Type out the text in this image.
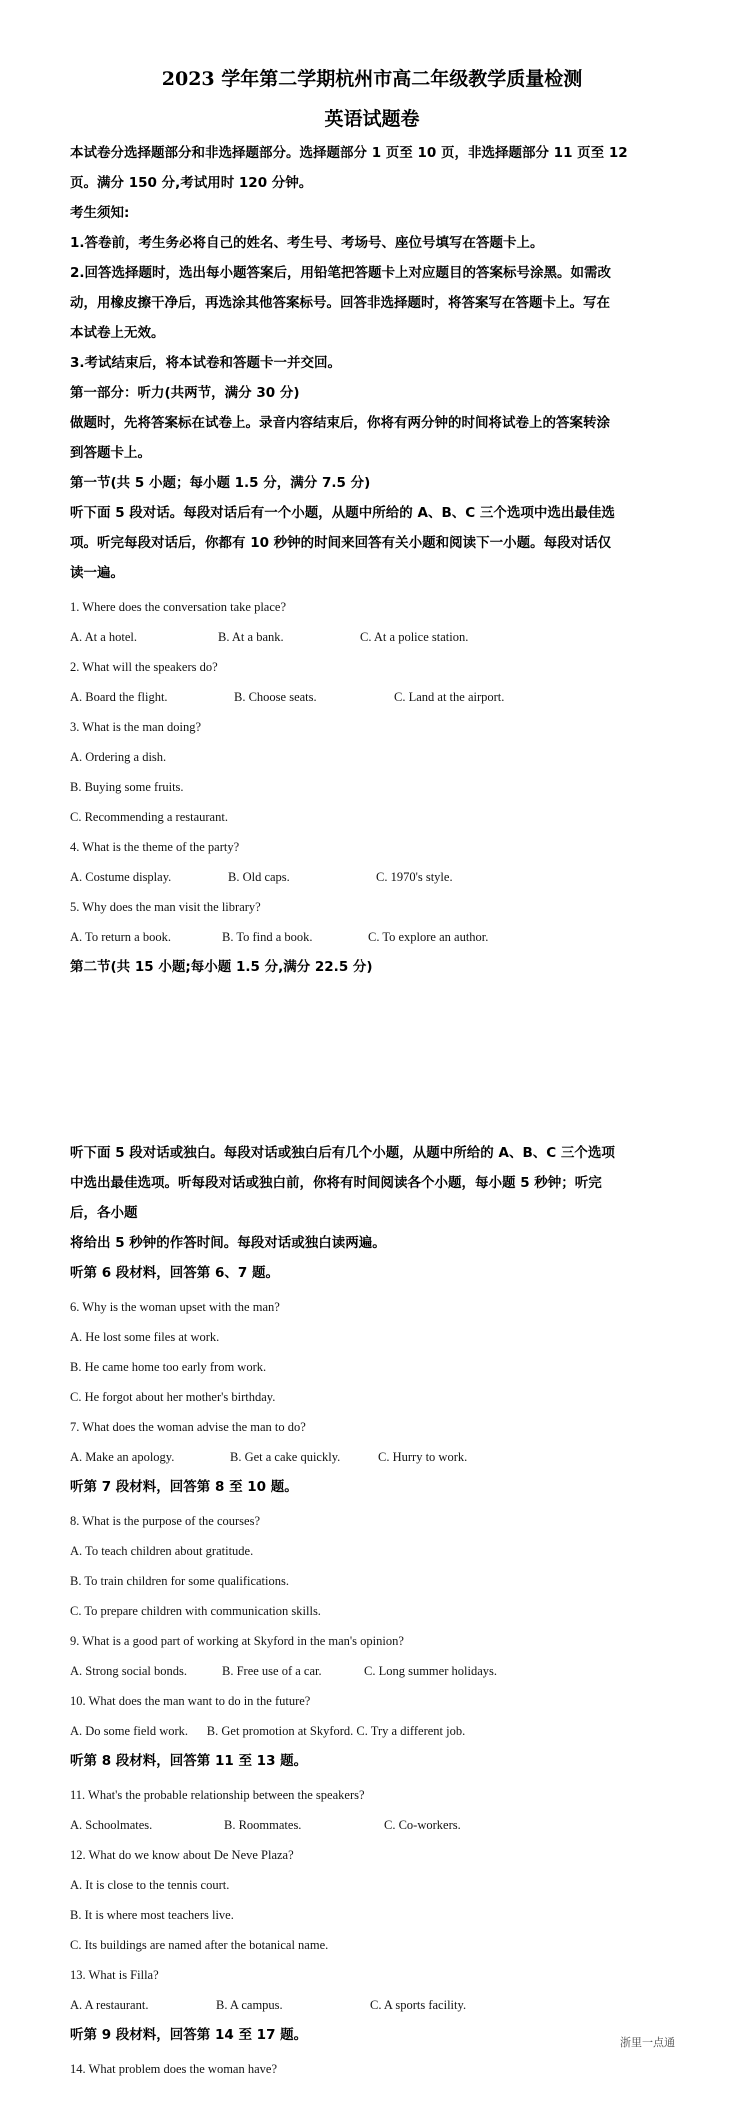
2023 学年第二学期杭州市高二年级教学质量检测
英语试题卷
本试卷分选择题部分和非选择题部分。选择题部分 1 页至 10 页，非选择题部分 11 页至 12
页。满分 150 分,考试用时 120 分钟。
考生须知:
1.答卷前，考生务必将自己的姓名、考生号、考场号、座位号填写在答题卡上。
2.回答选择题时，选出每小题答案后，用铅笔把答题卡上对应题目的答案标号涂黑。如需改
动，用橡皮擦干净后，再选涂其他答案标号。回答非选择题时，将答案写在答题卡上。写在
本试卷上无效。
3.考试结束后，将本试卷和答题卡一并交回。
第一部分：听力(共两节，满分 30 分)
做题时，先将答案标在试卷上。录音内容结束后，你将有两分钟的时间将试卷上的答案转涂
到答题卡上。
第一节(共 5 小题；每小题 1.5 分，满分 7.5 分)
听下面 5 段对话。每段对话后有一个小题，从题中所给的 A、B、C 三个选项中选出最佳选
项。听完每段对话后，你都有 10 秒钟的时间来回答有关小题和阅读下一小题。每段对话仅
读一遍。
1. Where does the conversation take place?
A. At a hotel.	B. At a bank.	C. At a police station.
2. What will the speakers do?
A. Board the flight.	B. Choose seats.	C. Land at the airport.
3. What is the man doing?
A. Ordering a dish.
B. Buying some fruits.
C. Recommending a restaurant.
4. What is the theme of the party?
A. Costume display.	B. Old caps.	C. 1970's style.
5. Why does the man visit the library?
A. To return a book.	B. To find a book.	C. To explore an author.
第二节(共 15 小题;每小题 1.5 分,满分 22.5 分)
听下面 5 段对话或独白。每段对话或独白后有几个小题，从题中所给的 A、B、C 三个选项
中选出最佳选项。听每段对话或独白前，你将有时间阅读各个小题，每小题 5 秒钟；听完
后，各小题
将给出 5 秒钟的作答时间。每段对话或独白读两遍。
听第 6 段材料，回答第 6、7 题。
6. Why is the woman upset with the man?
A. He lost some files at work.
B. He came home too early from work.
C. He forgot about her mother's birthday.
7. What does the woman advise the man to do?
A. Make an apology.	B. Get a cake quickly.	C. Hurry to work.
听第 7 段材料，回答第 8 至 10 题。
8. What is the purpose of the courses?
A. To teach children about gratitude.
B. To train children for some qualifications.
C. To prepare children with communication skills.
9. What is a good part of working at Skyford in the man's opinion?
A. Strong social bonds.	B. Free use of a car.	C. Long summer holidays.
10. What does the man want to do in the future?
A. Do some field work.      B. Get promotion at Skyford. C. Try a different job.
听第 8 段材料，回答第 11 至 13 题。
11. What's the probable relationship between the speakers?
A. Schoolmates.	B. Roommates.	C. Co-workers.
12. What do we know about De Neve Plaza?
A. It is close to the tennis court.
B. It is where most teachers live.
C. Its buildings are named after the botanical name.
13. What is Filla?
A. A restaurant.	B. A campus.	C. A sports facility.
听第 9 段材料，回答第 14 至 17 题。
14. What problem does the woman have?
浙里一点通
